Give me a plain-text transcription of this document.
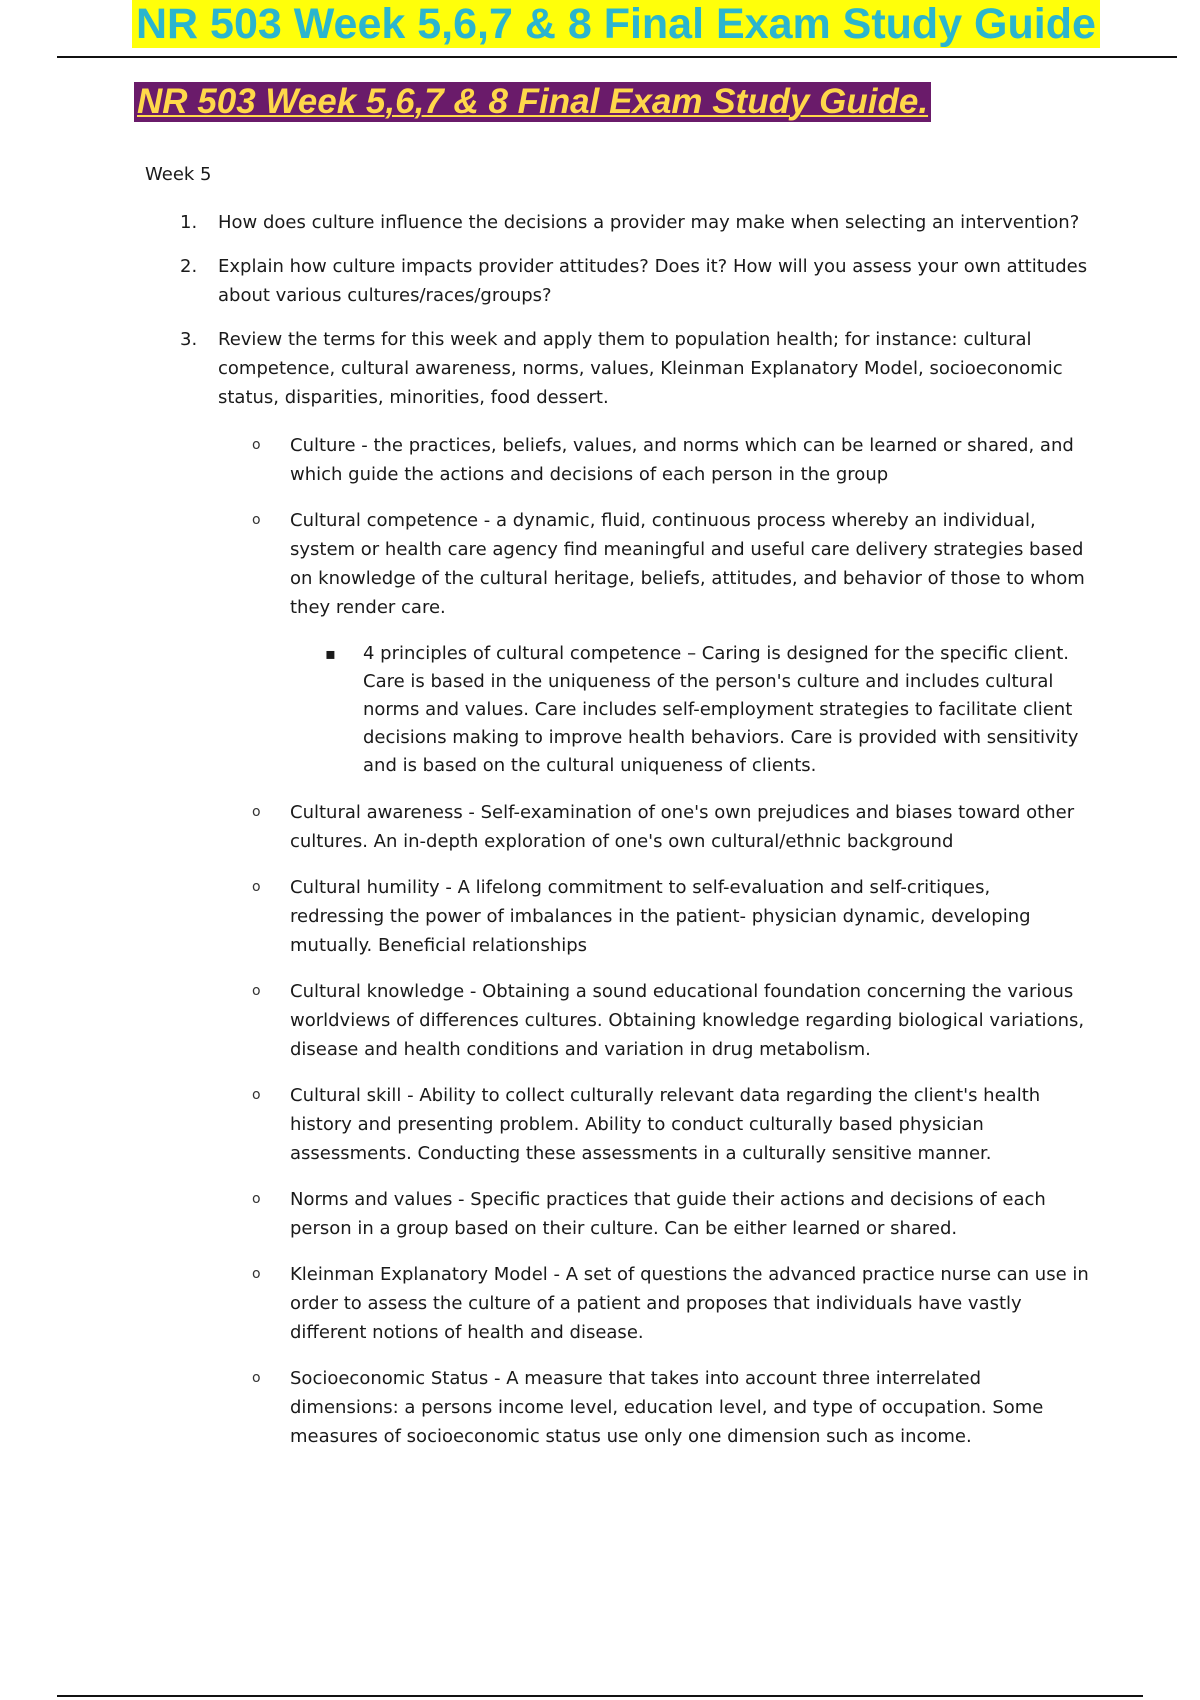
NR 503 Week 5,6,7 & 8 Final Exam Study Guide
NR 503 Week 5,6,7 & 8 Final Exam Study Guide.
Week 5
1. How does culture influence the decisions a provider may make when selecting an intervention?
2. Explain how culture impacts provider attitudes? Does it? How will you assess your own attitudes about various cultures/races/groups?
3. Review the terms for this week and apply them to population health; for instance: cultural competence, cultural awareness, norms, values, Kleinman Explanatory Model, socioeconomic status, disparities, minorities, food dessert.
o Culture - the practices, beliefs, values, and norms which can be learned or shared, and which guide the actions and decisions of each person in the group
o Cultural competence - a dynamic, fluid, continuous process whereby an individual, system or health care agency find meaningful and useful care delivery strategies based on knowledge of the cultural heritage, beliefs, attitudes, and behavior of those to whom they render care.
▪ 4 principles of cultural competence – Caring is designed for the specific client. Care is based in the uniqueness of the person's culture and includes cultural norms and values. Care includes self-employment strategies to facilitate client decisions making to improve health behaviors. Care is provided with sensitivity and is based on the cultural uniqueness of clients.
o Cultural awareness - Self-examination of one's own prejudices and biases toward other cultures. An in-depth exploration of one's own cultural/ethnic background
o Cultural humility - A lifelong commitment to self-evaluation and self-critiques, redressing the power of imbalances in the patient- physician dynamic, developing mutually. Beneficial relationships
o Cultural knowledge - Obtaining a sound educational foundation concerning the various worldviews of differences cultures. Obtaining knowledge regarding biological variations, disease and health conditions and variation in drug metabolism.
o Cultural skill - Ability to collect culturally relevant data regarding the client's health history and presenting problem. Ability to conduct culturally based physician assessments. Conducting these assessments in a culturally sensitive manner.
o Norms and values - Specific practices that guide their actions and decisions of each person in a group based on their culture. Can be either learned or shared.
o Kleinman Explanatory Model - A set of questions the advanced practice nurse can use in order to assess the culture of a patient and proposes that individuals have vastly different notions of health and disease.
o Socioeconomic Status - A measure that takes into account three interrelated dimensions: a persons income level, education level, and type of occupation. Some measures of socioeconomic status use only one dimension such as income.
